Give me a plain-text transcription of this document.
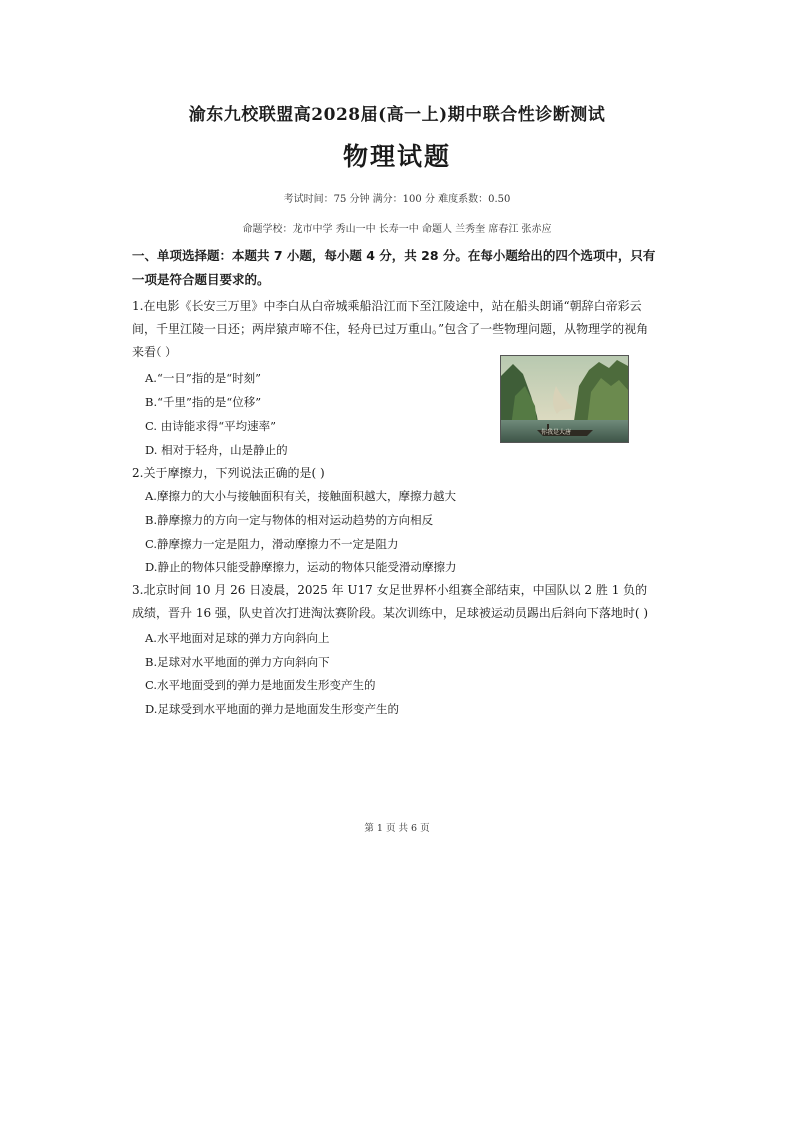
渝东九校联盟高2028届(高一上)期中联合性诊断测试
物理试题
考试时间：75 分钟 满分：100 分 难度系数：0.50
命题学校：龙市中学 秀山一中 长寿一中 命题人 兰秀奎 席春江 张赤应
一、单项选择题：本题共 7 小题，每小题 4 分，共 28 分。在每小题给出的四个选项中，只有一项是符合题目要求的。
1.在电影《长安三万里》中李白从白帝城乘船沿江而下至江陵途中，站在船头朗诵“朝辞白帝彩云间，千里江陵一日还；两岸猿声啼不住，轻舟已过万重山。”包含了一些物理问题，从物理学的视角来看
（ ）
A.“一日”指的是“时刻”
B.“千里”指的是“位移”
C. 由诗能求得“平均速率”
D. 相对于轻舟，山是静止的
你我是大唐
2.关于摩擦力，下列说法正确的是( )
A.摩擦力的大小与接触面积有关，接触面积越大，摩擦力越大
B.静摩擦力的方向一定与物体的相对运动趋势的方向相反
C.静摩擦力一定是阻力，滑动摩擦力不一定是阻力
D.静止的物体只能受静摩擦力，运动的物体只能受滑动摩擦力
3.北京时间 10 月 26 日凌晨，2025 年 U17 女足世界杯小组赛全部结束，中国队以 2 胜 1 负的成绩，晋升 16 强，队史首次打进淘汰赛阶段。某次训练中，足球被运动员踢出后斜向下落地时( )
A.水平地面对足球的弹力方向斜向上
B.足球对水平地面的弹力方向斜向下
C.水平地面受到的弹力是地面发生形变产生的
D.足球受到水平地面的弹力是地面发生形变产生的
第 1 页 共 6 页
